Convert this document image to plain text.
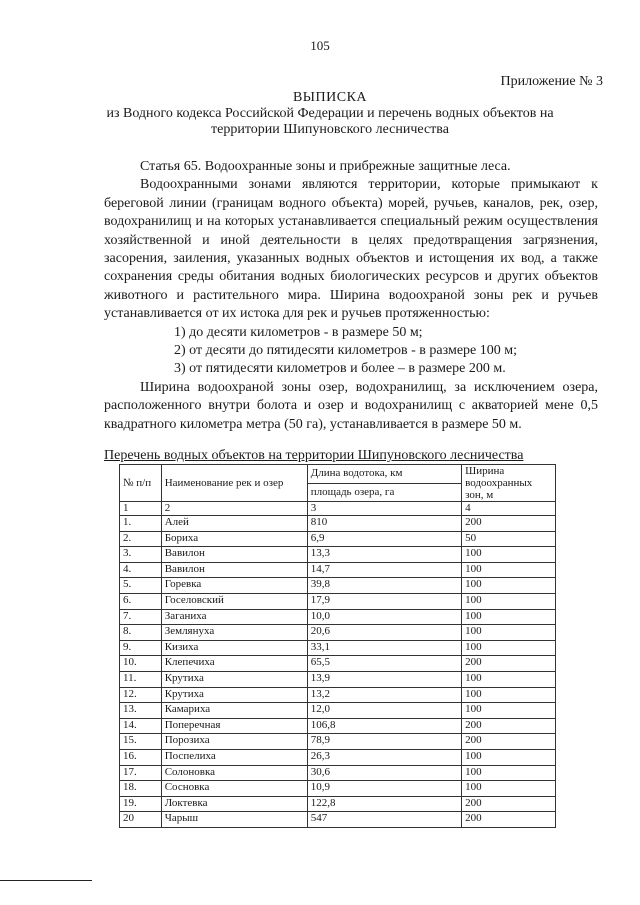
105
Приложение № 3
ВЫПИСКА
из Водного кодекса Российской Федерации и перечень водных объектов на
территории Шипуновского лесничества

Статья 65. Водоохранные зоны и прибрежные защитные леса.

Водоохранными зонами являются территории, которые примыкают к береговой линии (границам водного объекта) морей, ручьев, каналов, рек, озер, водохранилищ и на которых устанавливается специальный режим осуществления хозяйственной и иной деятельности в целях предотвращения загрязнения, засорения, заиления, указанных водных объектов и истощения их вод, а также сохранения среды обитания водных биологических ресурсов и других объектов животного и растительного мира. Ширина водоохраной зоны рек и ручьев устанавливается от их истока для рек и ручьев протяженностью:

1) до десяти километров - в размере 50 м;

2) от десяти до пятидесяти километров - в размере 100 м;

3) от пятидесяти километров и более – в размере 200 м.

Ширина водоохраной зоны озер, водохранилищ, за исключением озера, расположенного внутри болота и озер и водохранилищ с акваторией мене 0,5 квадратного километра метра (50 га), устанавливается в размере 50 м.

Перечень водных объектов на территории Шипуновского лесничества
№ п/п	Наименование рек и озер	Длина водотока, км	Ширина водоохранных зон, м
		площадь озера, га	
1	2	3	4
1.	Алей	810	200
2.	Бориха	6,9	50
3.	Вавилон	13,3	100
4.	Вавилон	14,7	100
5.	Горевка	39,8	100
6.	Госеловский	17,9	100
7.	Заганиха	10,0	100
8.	Землянуха	20,6	100
9.	Кизиха	33,1	100
10.	Клепечиха	65,5	200
11.	Крутиха	13,9	100
12.	Крутиха	13,2	100
13.	Камариха	12,0	100
14.	Поперечная	106,8	200
15.	Порозиха	78,9	200
16.	Поспелиха	26,3	100
17.	Солоновка	30,6	100
18.	Сосновка	10,9	100
19.	Локтевка	122,8	200
20	Чарыш	547	200
